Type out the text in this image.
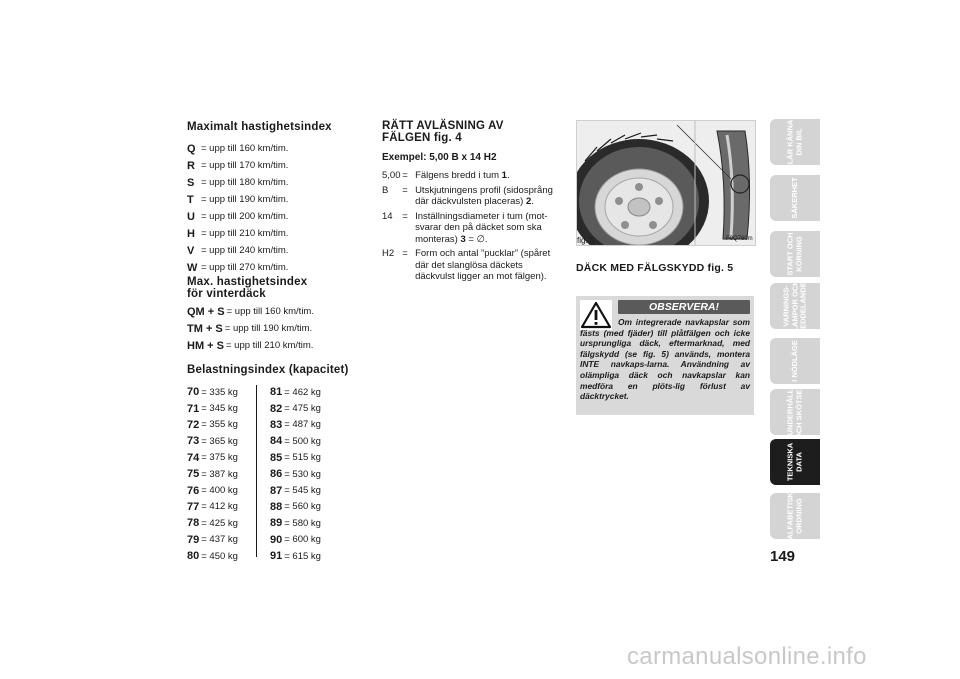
Maximalt hastighetsindex
Q = upp till 160 km/tim.
R = upp till 170 km/tim.
S = upp till 180 km/tim.
T = upp till 190 km/tim.
U = upp till 200 km/tim.
H = upp till 210 km/tim.
V = upp till 240 km/tim.
W = upp till 270 km/tim.
Max. hastighetsindex
för vinterdäck
QM + S = upp till 160 km/tim.
TM + S = upp till 190 km/tim.
HM + S = upp till 210 km/tim.
Belastningsindex (kapacitet)
70 = 335 kg
71 = 345 kg
72 = 355 kg
73 = 365 kg
74 = 375 kg
75 = 387 kg
76 = 400 kg
77 = 412 kg
78 = 425 kg
79 = 437 kg
80 = 450 kg
81 = 462 kg
82 = 475 kg
83 = 487 kg
84 = 500 kg
85 = 515 kg
86 = 530 kg
87 = 545 kg
88 = 560 kg
89 = 580 kg
90 = 600 kg
91 = 615 kg
RÄTT AVLÄSNING AV
FÄLGEN fig. 4
Exempel: 5,00 B x 14 H2
5,00 = Fälgens bredd i tum 1.
B	= Utskjutningens profil (sidosprång där däckvulsten placeras) 2.
14	= Inställningsdiameter i tum (mot-svarar den på däcket som ska monteras) 3 = ∅.
H2 = Form och antal ”pucklar” (spåret där det slanglösa däckets däckvulst ligger an mot fälgen).
fig. 5	F0Q760m
DÄCK MED FÄLGSKYDD fig. 5
OBSERVERA!
Om integrerade navkapslar som fästs (med fjäder) till plåtfälgen och icke ursprungliga däck, eftermarknad, med fälgskydd (se fig. 5) används, montera INTE navkaps-larna. Användning av olämpliga däck och navkapslar kan medföra en plöts-lig förlust av däcktrycket.
LÄR KÄNNA
DIN BIL
SÄKERHET
START OCH
KÖRNING
VARNINGS-
LAMPOR OCH
MEDDELANDEN
I NÖDLÄGE
UNDERHÅLL
OCH SKÖTSEL
TEKNISKA
DATA
ALFABETISK
ORDNING
149
carmanualsonline.info
